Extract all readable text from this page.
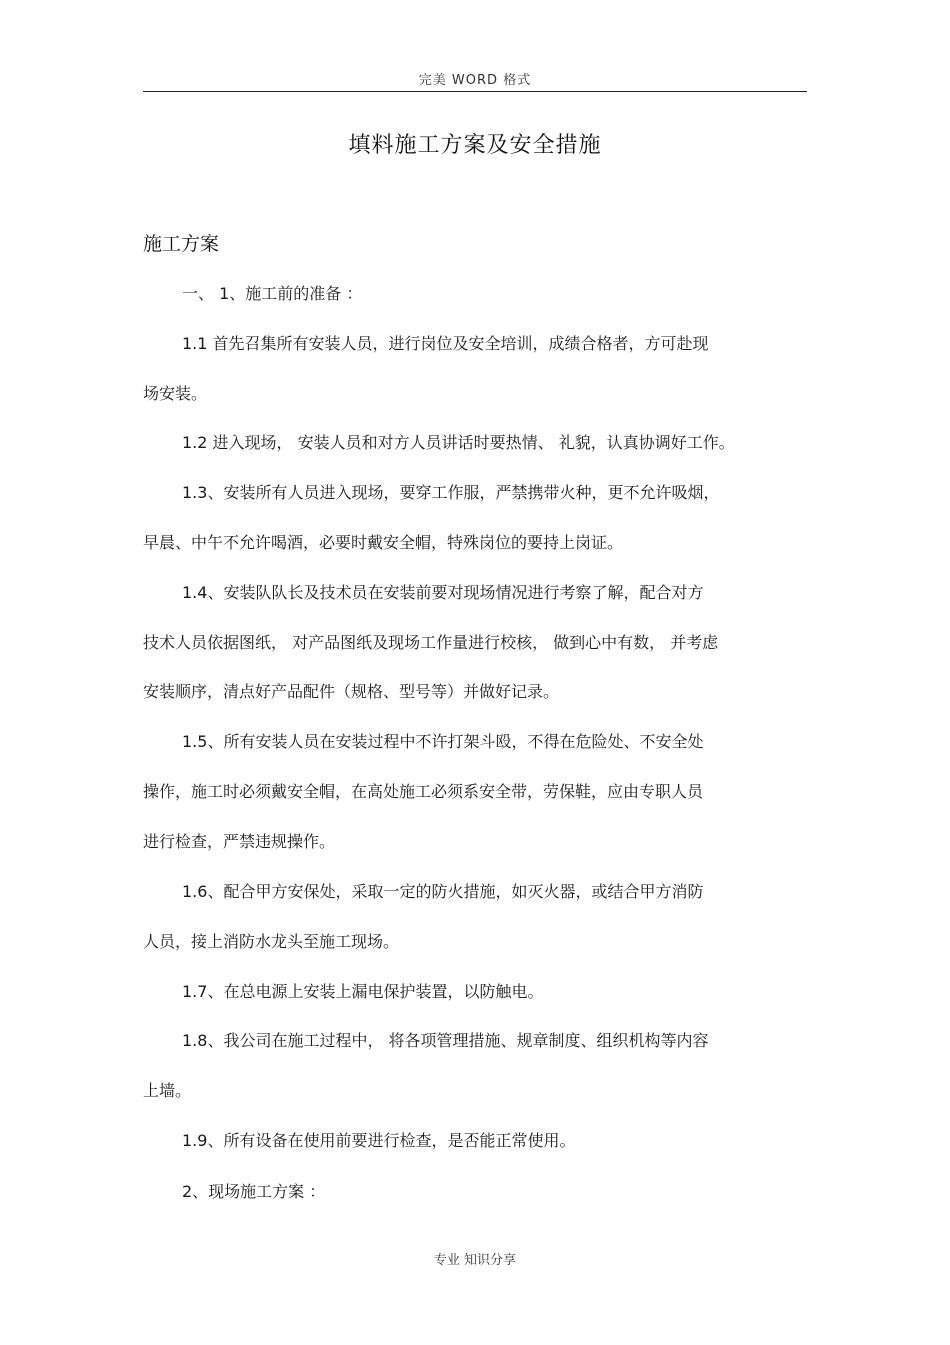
完美 WORD 格式
填料施工方案及安全措施
施工方案
一、 1、施工前的准备 ：
1.1 首先召集所有安装人员，进行岗位及安全培训，成绩合格者，方可赴现
场安装。
1.2 进入现场， 安装人员和对方人员讲话时要热情、 礼貌，认真协调好工作。
1.3、安装所有人员进入现场，要穿工作服，严禁携带火种，更不允许吸烟，
早晨、中午不允许喝酒，必要时戴安全帽，特殊岗位的要持上岗证。
1.4、安装队队长及技术员在安装前要对现场情况进行考察了解，配合对方
技术人员依据图纸， 对产品图纸及现场工作量进行校核， 做到心中有数， 并考虑
安装顺序，清点好产品配件（规格、型号等）并做好记录。
1.5、所有安装人员在安装过程中不许打架斗殴，不得在危险处、不安全处
操作，施工时必须戴安全帽，在高处施工必须系安全带，劳保鞋，应由专职人员
进行检查，严禁违规操作。
1.6、配合甲方安保处，采取一定的防火措施，如灭火器，或结合甲方消防
人员，接上消防水龙头至施工现场。
1.7、在总电源上安装上漏电保护装置，以防触电。
1.8、我公司在施工过程中， 将各项管理措施、规章制度、组织机构等内容
上墙。
1.9、所有设备在使用前要进行检查，是否能正常使用。
2、现场施工方案 ：
专业 知识分享
